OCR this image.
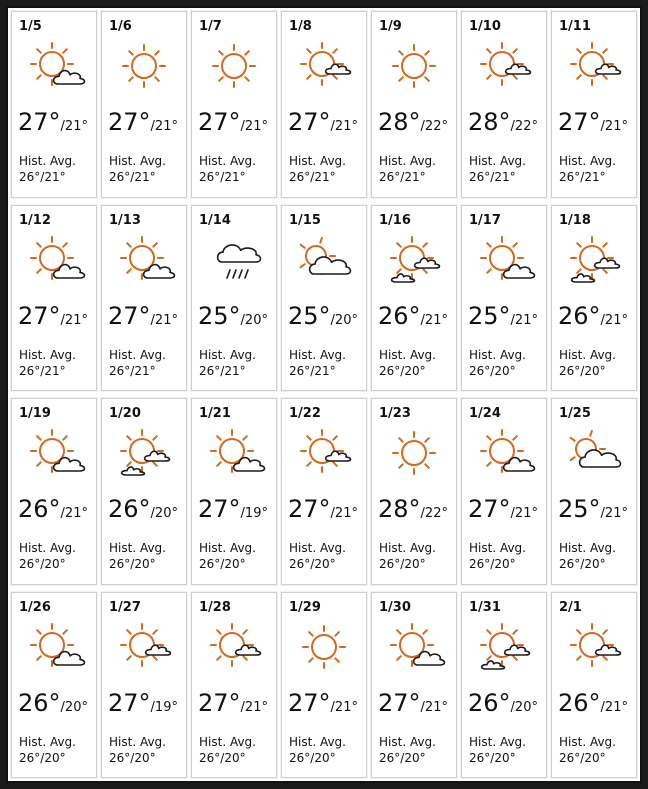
1/5
27°/21°
Hist. Avg.
26°/21°
1/6
27°/21°
Hist. Avg.
26°/21°
1/7
27°/21°
Hist. Avg.
26°/21°
1/8
27°/21°
Hist. Avg.
26°/21°
1/9
28°/22°
Hist. Avg.
26°/21°
1/10
28°/22°
Hist. Avg.
26°/21°
1/11
27°/21°
Hist. Avg.
26°/21°
1/12
27°/21°
Hist. Avg.
26°/21°
1/13
27°/21°
Hist. Avg.
26°/21°
1/14
25°/20°
Hist. Avg.
26°/21°
1/15
25°/20°
Hist. Avg.
26°/21°
1/16
26°/21°
Hist. Avg.
26°/20°
1/17
25°/21°
Hist. Avg.
26°/20°
1/18
26°/21°
Hist. Avg.
26°/20°
1/19
26°/21°
Hist. Avg.
26°/20°
1/20
26°/20°
Hist. Avg.
26°/20°
1/21
27°/19°
Hist. Avg.
26°/20°
1/22
27°/21°
Hist. Avg.
26°/20°
1/23
28°/22°
Hist. Avg.
26°/20°
1/24
27°/21°
Hist. Avg.
26°/20°
1/25
25°/21°
Hist. Avg.
26°/20°
1/26
26°/20°
Hist. Avg.
26°/20°
1/27
27°/19°
Hist. Avg.
26°/20°
1/28
27°/21°
Hist. Avg.
26°/20°
1/29
27°/21°
Hist. Avg.
26°/20°
1/30
27°/21°
Hist. Avg.
26°/20°
1/31
26°/20°
Hist. Avg.
26°/20°
2/1
26°/21°
Hist. Avg.
26°/20°
